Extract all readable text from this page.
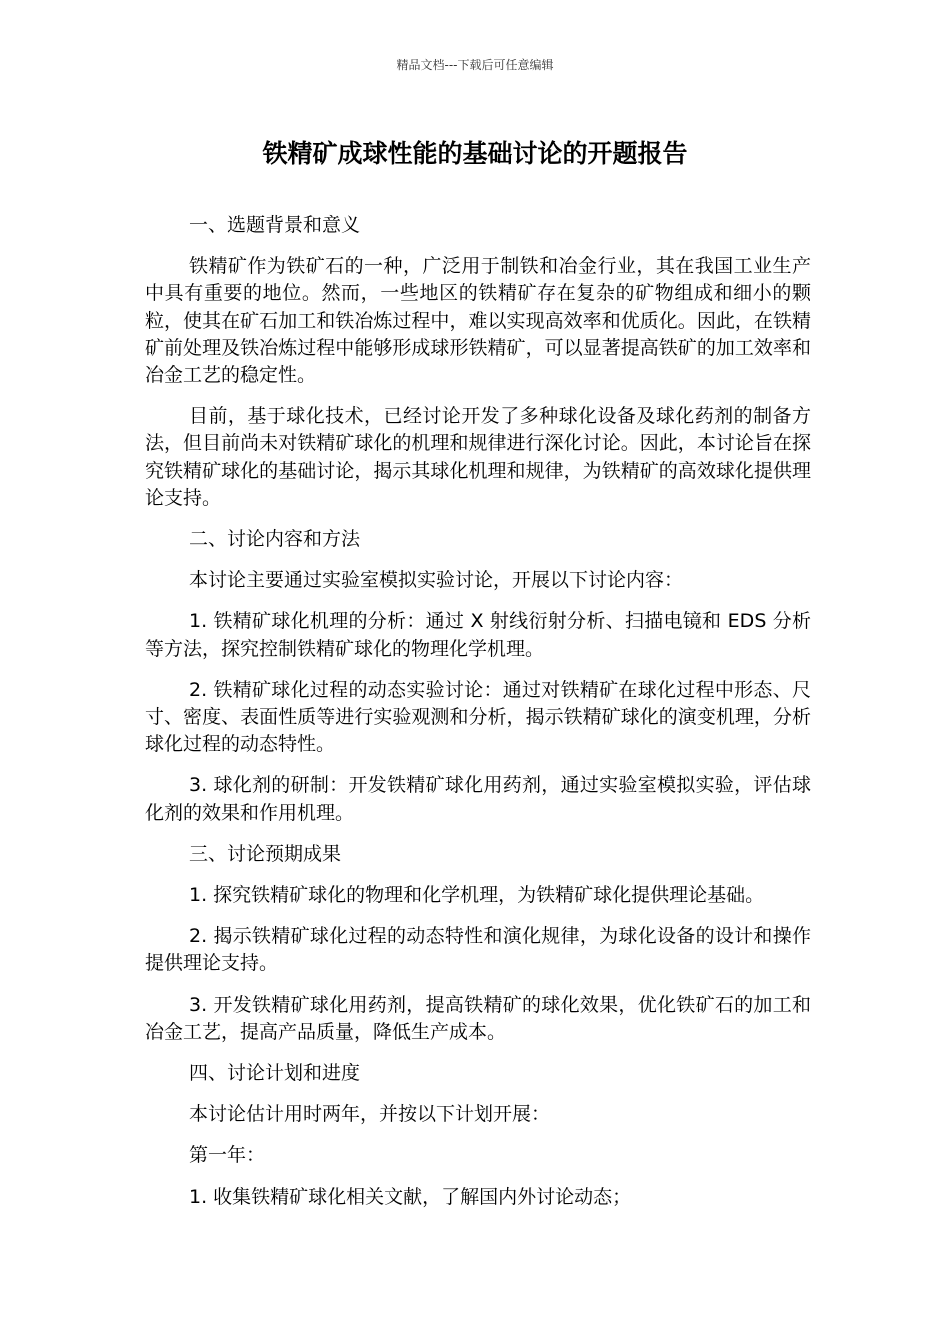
精品文档---下载后可任意编辑
铁精矿成球性能的基础讨论的开题报告

一、选题背景和意义

铁精矿作为铁矿石的一种，广泛用于制铁和冶金行业，其在我国工业生产中具有重要的地位。然而，一些地区的铁精矿存在复杂的矿物组成和细小的颗粒，使其在矿石加工和铁冶炼过程中，难以实现高效率和优质化。因此，在铁精矿前处理及铁冶炼过程中能够形成球形铁精矿，可以显著提高铁矿的加工效率和冶金工艺的稳定性。

目前，基于球化技术，已经讨论开发了多种球化设备及球化药剂的制备方法，但目前尚未对铁精矿球化的机理和规律进行深化讨论。因此，本讨论旨在探究铁精矿球化的基础讨论，揭示其球化机理和规律，为铁精矿的高效球化提供理论支持。

二、讨论内容和方法

本讨论主要通过实验室模拟实验讨论，开展以下讨论内容：

1. 铁精矿球化机理的分析：通过 X 射线衍射分析、扫描电镜和 EDS 分析等方法，探究控制铁精矿球化的物理化学机理。

2. 铁精矿球化过程的动态实验讨论：通过对铁精矿在球化过程中形态、尺寸、密度、表面性质等进行实验观测和分析，揭示铁精矿球化的演变机理，分析球化过程的动态特性。

3. 球化剂的研制：开发铁精矿球化用药剂，通过实验室模拟实验，评估球化剂的效果和作用机理。

三、讨论预期成果

1. 探究铁精矿球化的物理和化学机理，为铁精矿球化提供理论基础。

2. 揭示铁精矿球化过程的动态特性和演化规律，为球化设备的设计和操作提供理论支持。

3. 开发铁精矿球化用药剂，提高铁精矿的球化效果，优化铁矿石的加工和冶金工艺，提高产品质量，降低生产成本。

四、讨论计划和进度

本讨论估计用时两年，并按以下计划开展：

第一年：

1. 收集铁精矿球化相关文献，了解国内外讨论动态；
